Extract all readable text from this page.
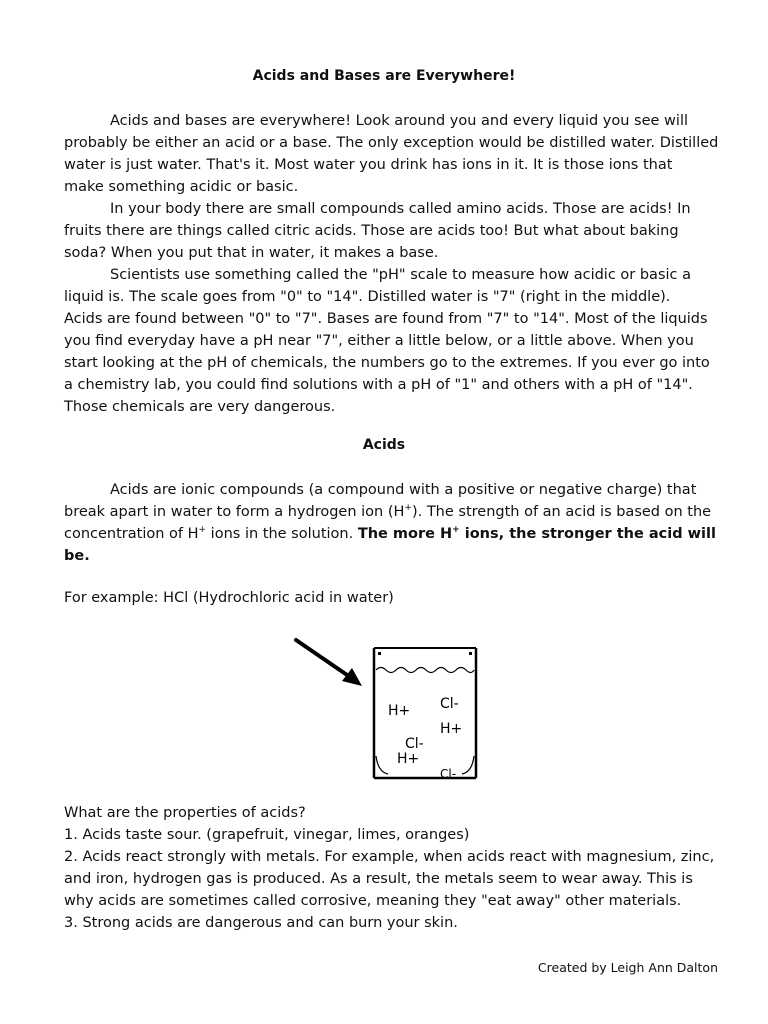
Acids and Bases are Everywhere!
Acids and bases are everywhere! Look around you and every liquid you see will
probably be either an acid or a base. The only exception would be distilled water. Distilled
water is just water. That's it. Most water you drink has ions in it. It is those ions that
make something acidic or basic.
In your body there are small compounds called amino acids. Those are acids! In
fruits there are things called citric acids. Those are acids too! But what about baking
soda? When you put that in water, it makes a base.
Scientists use something called the "pH" scale to measure how acidic or basic a
liquid is. The scale goes from "0" to "14". Distilled water is "7" (right in the middle).
Acids are found between "0" to "7". Bases are found from "7" to "14". Most of the liquids
you find everyday have a pH near "7", either a little below, or a little above. When you
start looking at the pH of chemicals, the numbers go to the extremes. If you ever go into
a chemistry lab, you could find solutions with a pH of "1" and others with a pH of "14".
Those chemicals are very dangerous.
Acids
Acids are ionic compounds (a compound with a positive or negative charge) that
break apart in water to form a hydrogen ion (H+). The strength of an acid is based on the
concentration of H+ ions in the solution. The more H+ ions, the stronger the acid will
be.
For example: HCl (Hydrochloric acid in water)
H+ Cl-
H+
Cl-
H+
Cl-
What are the properties of acids?
1. Acids taste sour. (grapefruit, vinegar, limes, oranges)
2. Acids react strongly with metals. For example, when acids react with magnesium, zinc,
and iron, hydrogen gas is produced. As a result, the metals seem to wear away. This is
why acids are sometimes called corrosive, meaning they "eat away" other materials.
3. Strong acids are dangerous and can burn your skin.
Created by Leigh Ann Dalton
